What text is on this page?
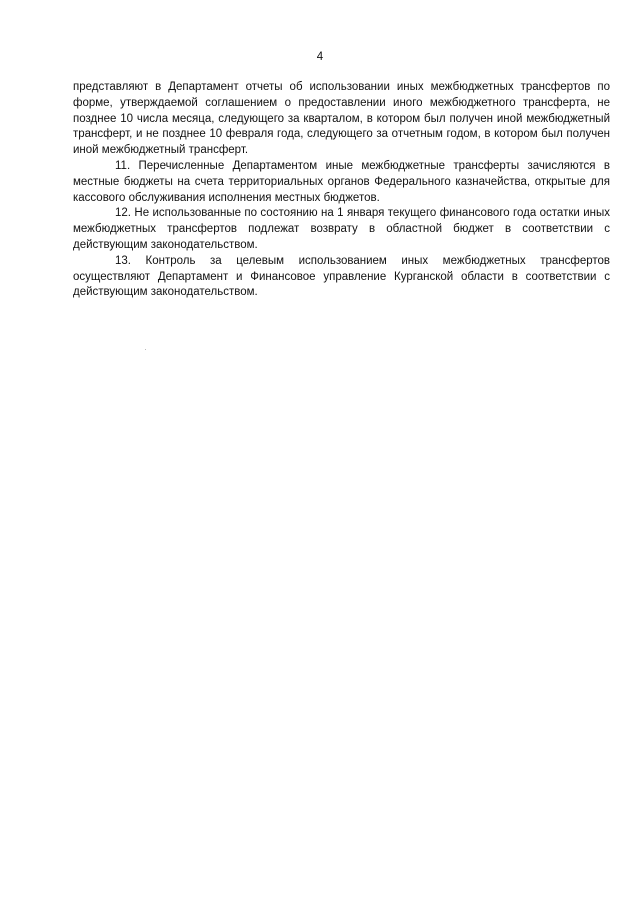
4

представляют в Департамент отчеты об использовании иных межбюджетных трансфертов по форме, утверждаемой соглашением о предоставлении иного межбюджетного трансферта, не позднее 10 числа месяца, следующего за кварталом, в котором был получен иной межбюджетный трансферт, и не позднее 10 февраля года, следующего за отчетным годом, в котором был получен иной межбюджетный трансферт.

11. Перечисленные Департаментом иные межбюджетные трансферты зачисляются в местные бюджеты на счета территориальных органов Федерального казначейства, открытые для кассового обслуживания исполнения местных бюджетов.

12. Не использованные по состоянию на 1 января текущего финансового года остатки иных межбюджетных трансфертов подлежат возврату в областной бюджет в соответствии с действующим законодательством.

13. Контроль за целевым использованием иных межбюджетных трансфертов осуществляют Департамент и Финансовое управление Курганской области в соответствии с действующим законодательством.
